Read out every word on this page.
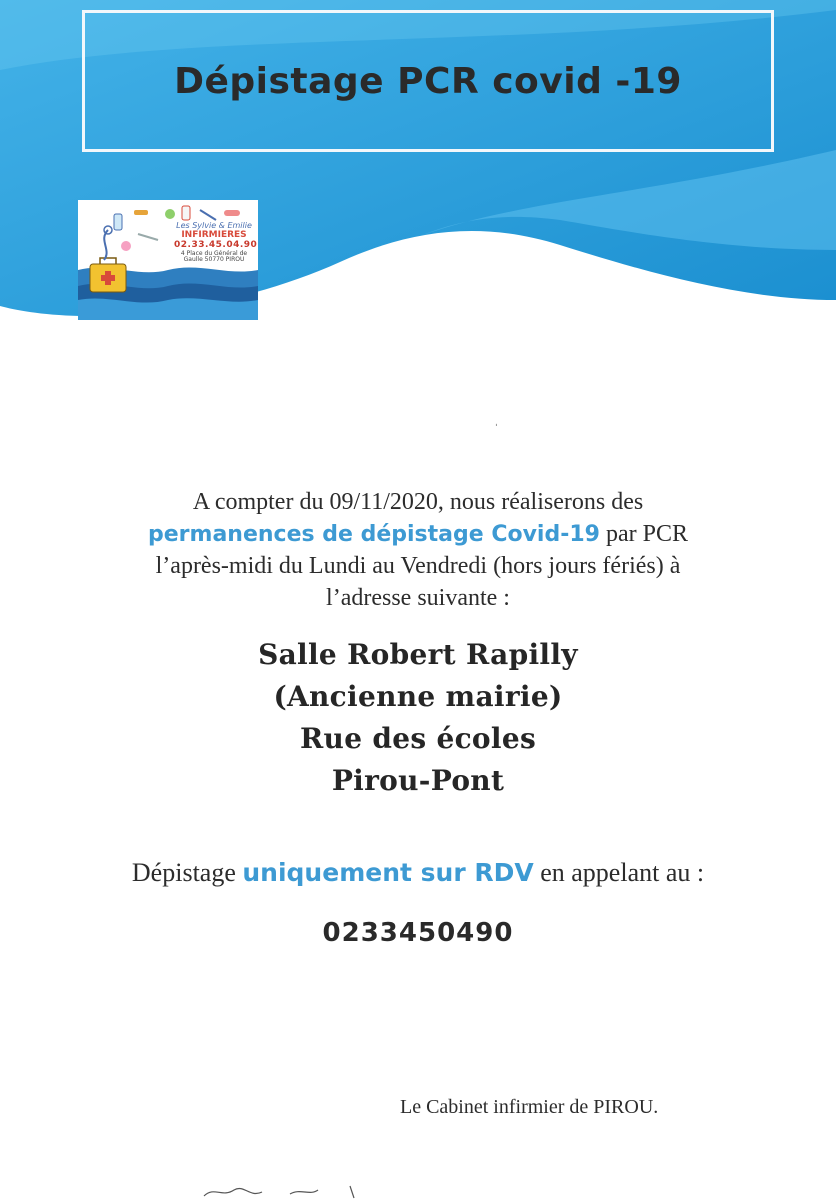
Dépistage PCR covid -19
Les Sylvie & Emilie
INFIRMIERES
02.33.45.04.90
4 Place du Général de Gaulle 50770 PIROU
ˌ
A compter du 09/11/2020, nous réaliserons des
permanences de dépistage Covid-19 par PCR
l’après-midi du Lundi au Vendredi (hors jours fériés) à
l’adresse suivante :
Salle Robert Rapilly
(Ancienne mairie)
Rue des écoles
Pirou-Pont
Dépistage uniquement sur RDV en appelant au :
0233450490
Le Cabinet infirmier de PIROU.
